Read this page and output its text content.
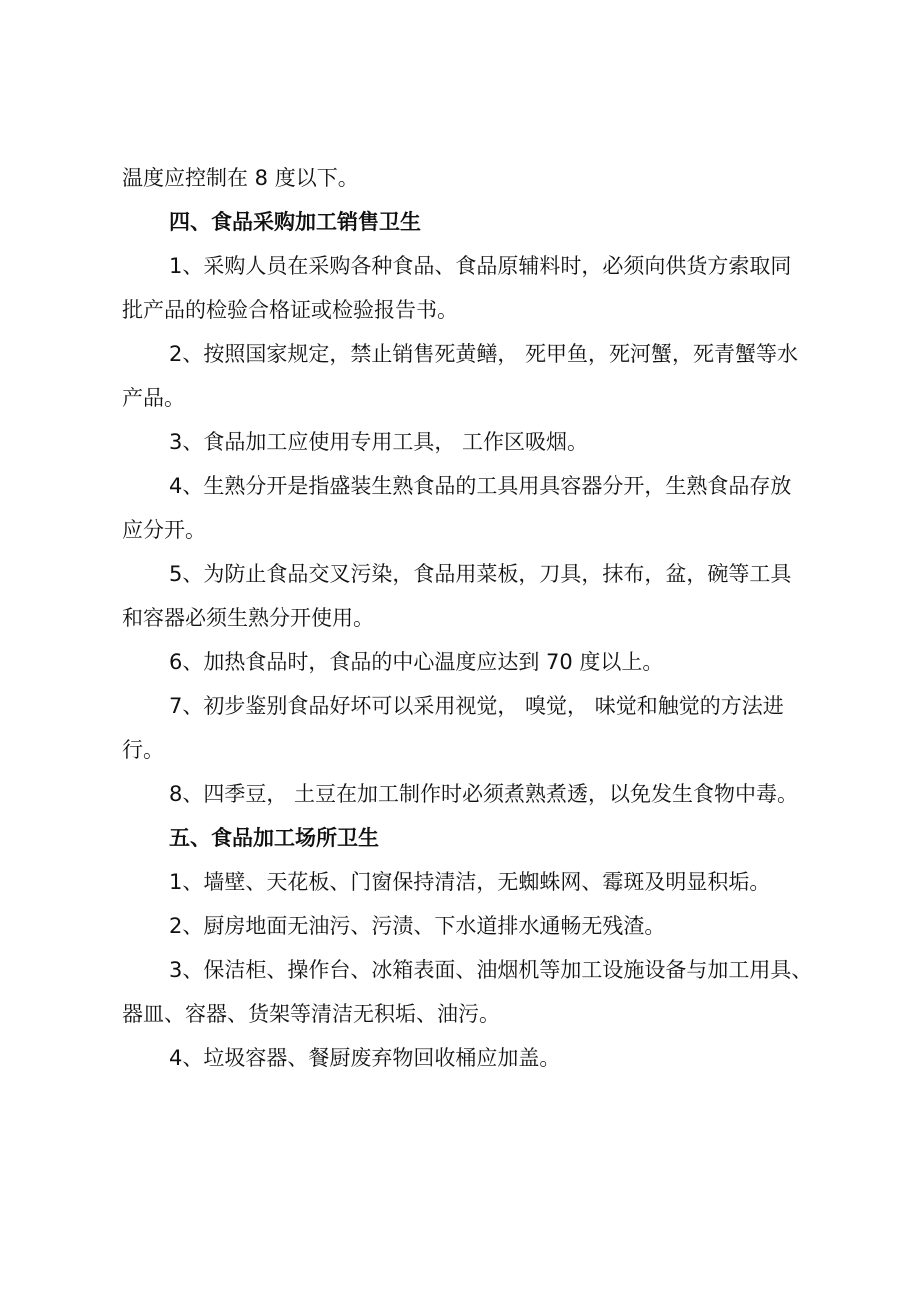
温度应控制在 8 度以下。

四、食品采购加工销售卫生

1、采购人员在采购各种食品、食品原辅料时，必须向供货方索取同

批产品的检验合格证或检验报告书。

2、按照国家规定，禁止销售死黄鳝， 死甲鱼，死河蟹，死青蟹等水

产品。

3、食品加工应使用专用工具， 工作区吸烟。

4、生熟分开是指盛装生熟食品的工具用具容器分开，生熟食品存放

应分开。

5、为防止食品交叉污染，食品用菜板，刀具，抹布，盆，碗等工具

和容器必须生熟分开使用。

6、加热食品时，食品的中心温度应达到 70 度以上。

7、初步鉴别食品好坏可以采用视觉， 嗅觉， 味觉和触觉的方法进

行。

8、四季豆， 土豆在加工制作时必须煮熟煮透，以免发生食物中毒。

五、食品加工场所卫生

1、墙壁、天花板、门窗保持清洁，无蜘蛛网、霉斑及明显积垢。

2、厨房地面无油污、污渍、下水道排水通畅无残渣。

3、保洁柜、操作台、冰箱表面、油烟机等加工设施设备与加工用具、

器皿、容器、货架等清洁无积垢、油污。

4、垃圾容器、餐厨废弃物回收桶应加盖。
